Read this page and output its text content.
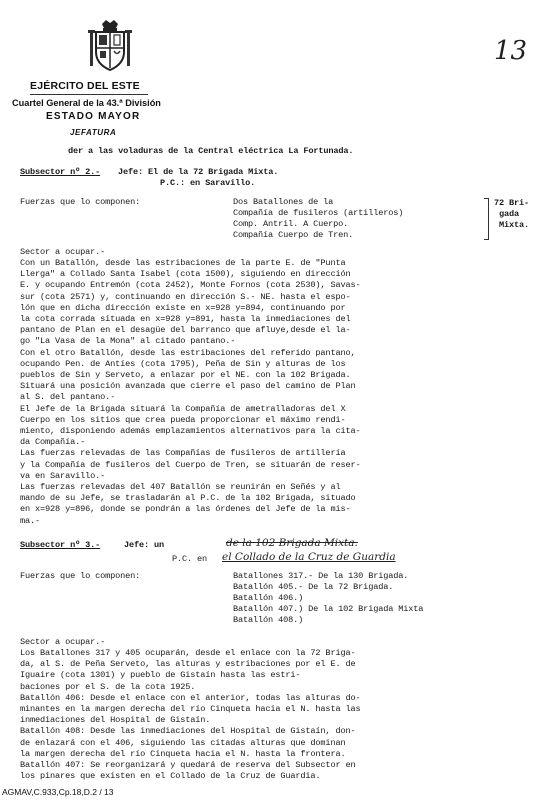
13
EJÉRCITO DEL ESTE
Cuartel General de la 43.ª División
ESTADO MAYOR
JEFATURA
der a las voladuras de la Central eléctrica La Fortunada.
Subsector nº 2.- Jefe: El de la 72 Brigada Mixta.
P.C.: en Saravillo.
Fuerzas que lo componen:	Dos Batallones de la
Compañía de fusileros (artilleros)
Comp. Antril. A Cuerpo.
Compañía Cuerpo de Tren.
72 Bri-
gada
Mixta.
Sector a ocupar.-
Con un Batallón, desde las estribaciones de la parte E. de "Punta
Llerga" a Collado Santa Isabel (cota 1500), siguiendo en dirección
E. y ocupando Entremón (cota 2452), Monte Fornos (cota 2530), Savas-
sur (cota 2571) y, continuando en dirección S.- NE. hasta el espo-
lón que en dicha dirección existe en x=928 y=894, continuando por
la cota corrada situada en x=928 y=891, hasta la inmediaciones del
pantano de Plan en el desagüe del barranco que afluye,desde el la-
go "La Vasa de la Mona" al citado pantano.-
Con el otro Batallón, desde las estribaciones del referido pantano,
ocupando Pen. de Antíes (cota 1795), Peña de Sin y alturas de los
pueblos de Sin y Serveto, a enlazar por el NE. con la 102 Brigada.
Situará una posición avanzada que cierre el paso del camino de Plan
al S. del pantano.-
El Jefe de la Brigada situará la Compañía de ametralladoras del X
Cuerpo en los sitios que crea pueda proporcionar el máximo rendi-
miento, disponiendo además emplazamientos alternativos para la cita-
da Compañía.-
Las fuerzas relevadas de las Compañías de fusileros de artillería
y la Compañía de fusileros del Cuerpo de Tren, se situarán de reser-
va en Saravillo.-
Las fuerzas relevadas del 407 Batallón se reunirán en Señés y al
mando de su Jefe, se trasladarán al P.C. de la 102 Brigada, situado
en x=928 y=896, donde se pondrán a las órdenes del Jefe de la mis-
ma.-
Subsector nº 3.-	Jefe: un	de la 102 Brigada Mixta.
P.C. en el Collado de la Cruz de Guardia
Fuerzas que lo componen:	Batallones 317.- De la 130 Brigada.
Batallón 405.- De la 72 Brigada.
Batallón 406.)
Batallón 407.) De la 102 Brigada Mixta
Batallón 408.)
Sector a ocupar.-
Los Batallones 317 y 405 ocuparán, desde el enlace con la 72 Briga-
da, al S. de Peña Serveto, las alturas y estribaciones por el E. de
Iguaire (cota 1301) y pueblo de Gistaín hasta las estri-
baciones por el S. de la cota 1925.
Batallón 406: Desde el enlace con el anterior, todas las alturas do-
minantes en la margen derecha del río Cinqueta hacia el N. hasta las
inmediaciones del Hospital de Gistaín.
Batallón 408: Desde las inmediaciones del Hospital de Gistaín, don-
de enlazará con el 406, siguiendo las citadas alturas que dominan
la margen derecha del río Cinqueta hacia el N. hasta la frontera.
Batallón 407: Se reorganizará y quedará de reserva del Subsector en
los pinares que existen en el Collado de la Cruz de Guardia.
AGMAV,C.933,Cp.18,D.2 / 13
